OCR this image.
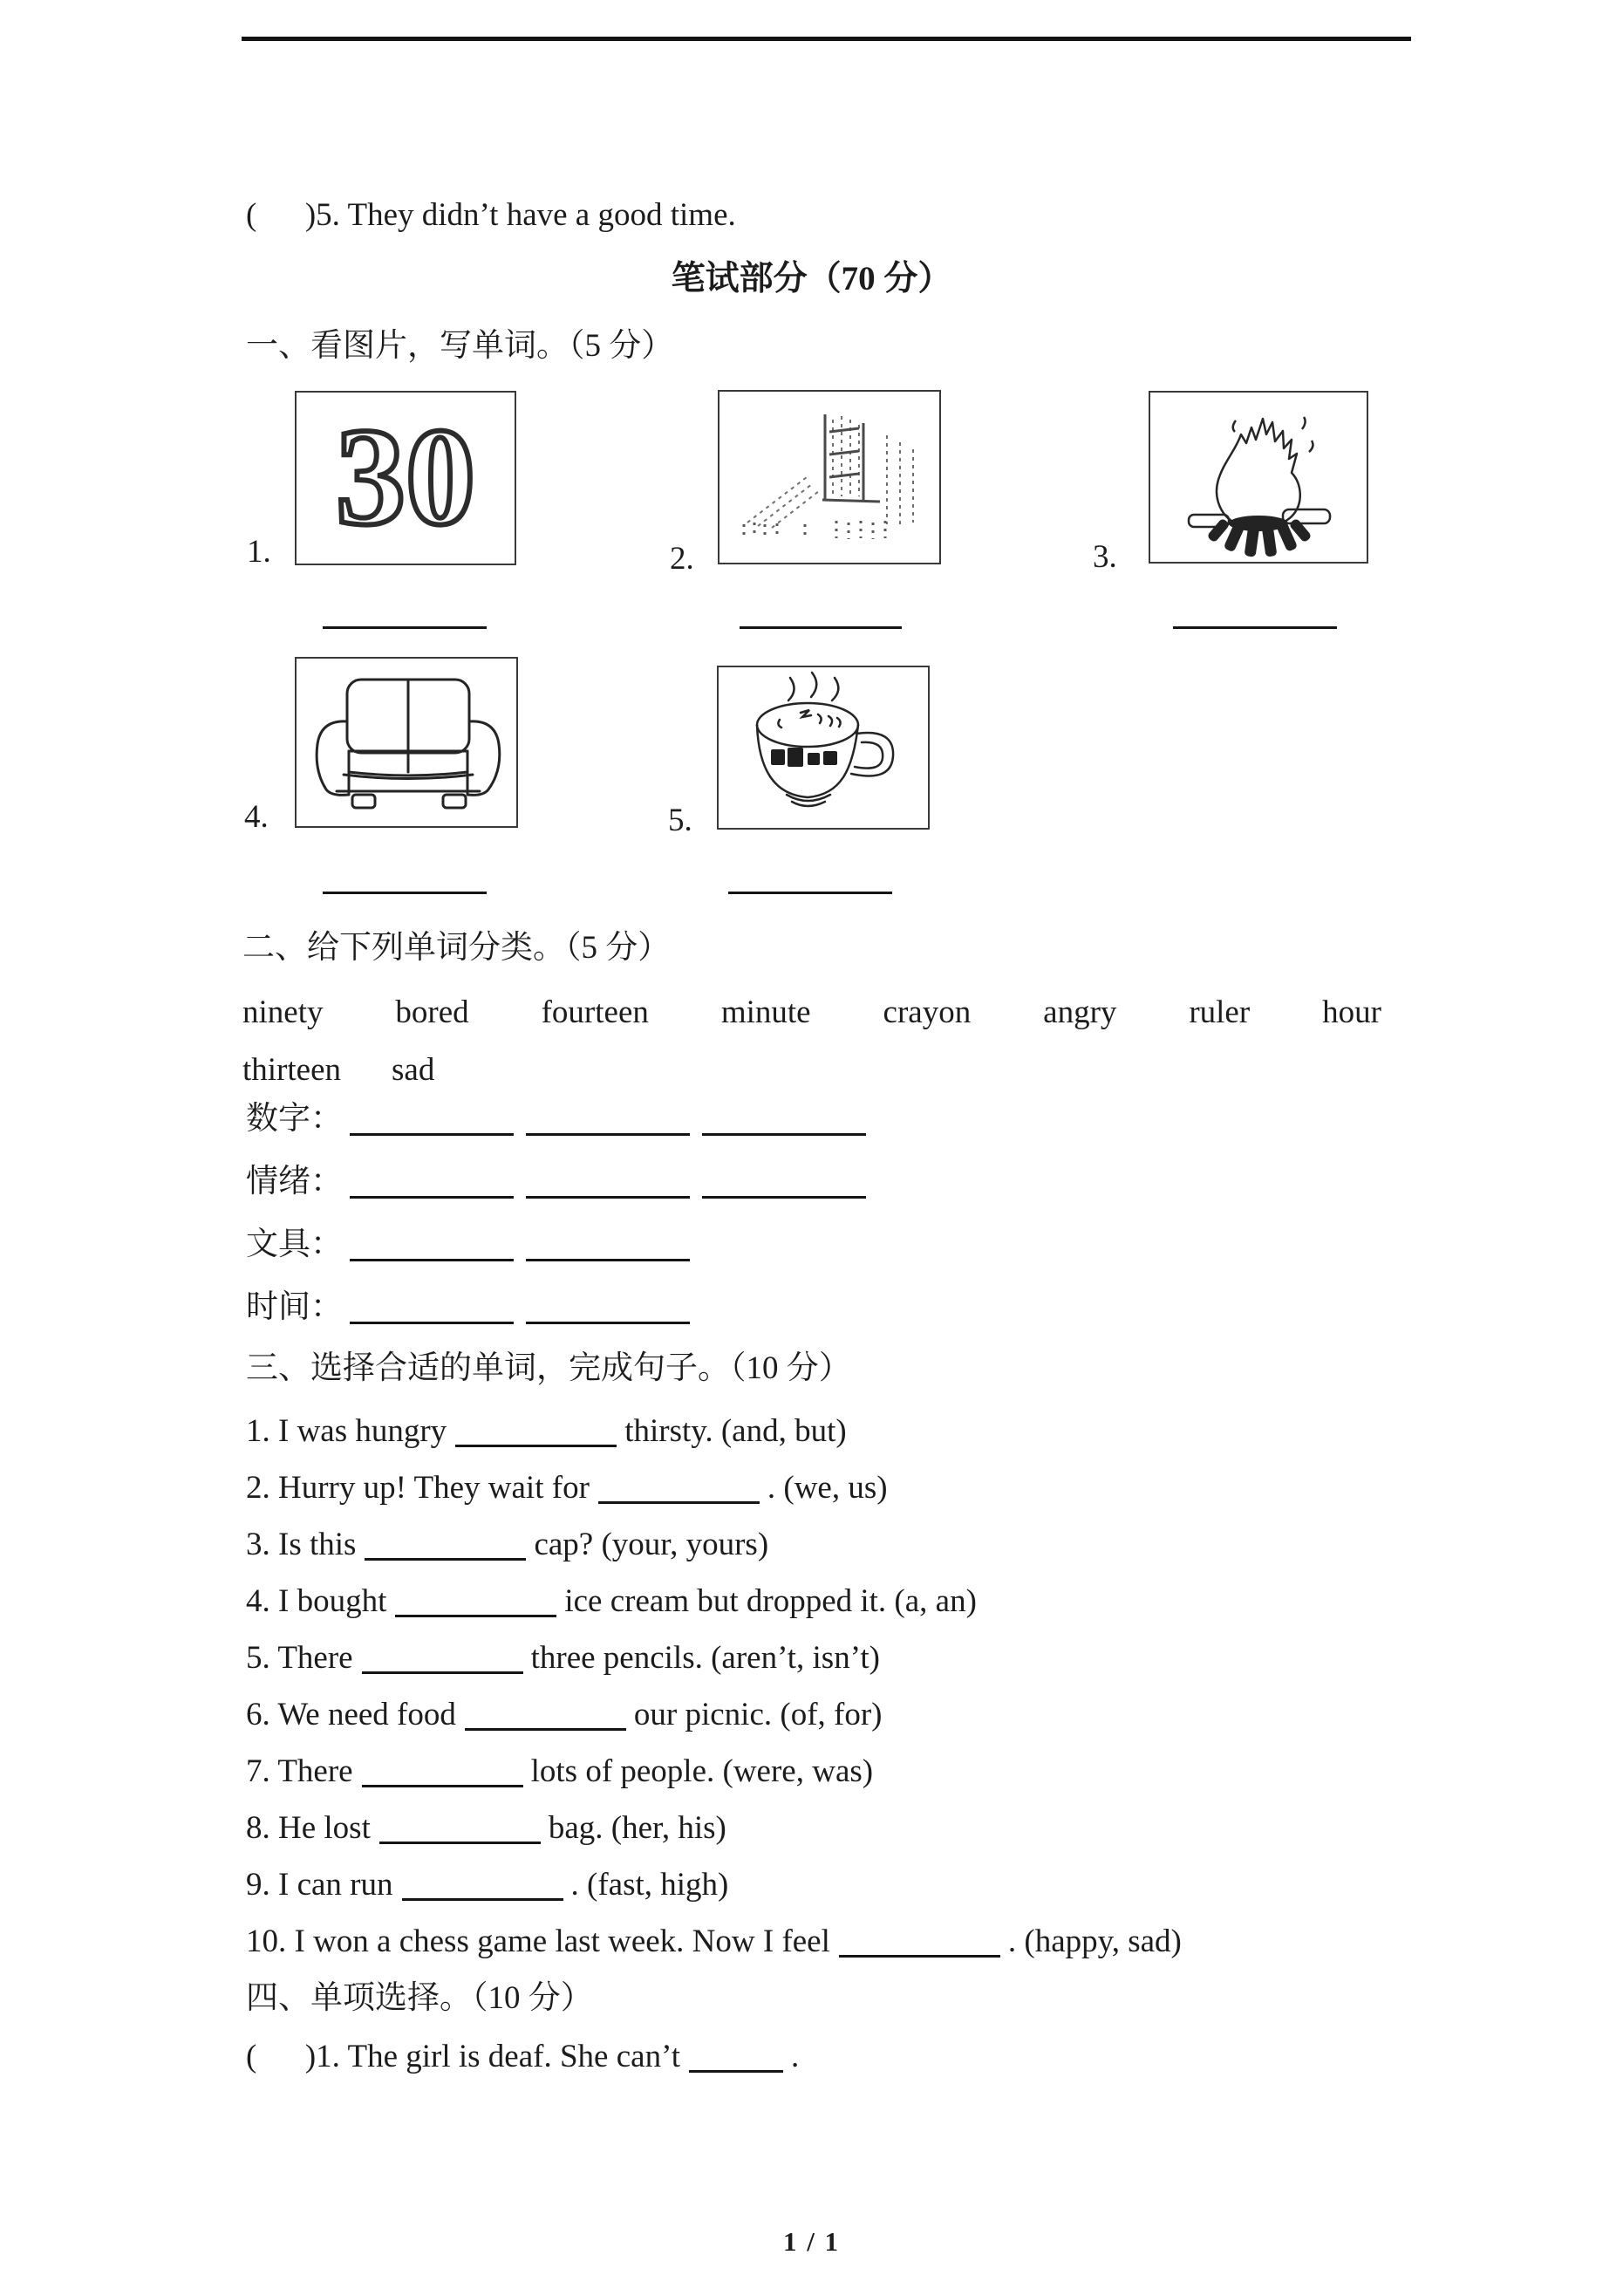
(      )5. They didn’t have a good time.
笔试部分（70 分）
一、看图片，写单词。（5 分）
30
1.	2.	3.
4.	5.
二、给下列单词分类。（5 分）
ninety bored fourteen minute crayon angry ruler hour
thirteen sad
数字：
情绪：
文具：
时间：
三、选择合适的单词，完成句子。（10 分）
1. I was hungry	thirsty. (and, but)
2. Hurry up! They wait for	. (we, us)
3. Is this	cap? (your, yours)
4. I bought	ice cream but dropped it. (a, an)
5. There	three pencils. (aren’t, isn’t)
6. We need food	our picnic. (of, for)
7. There	lots of people. (were, was)
8. He lost	bag. (her, his)
9. I can run	. (fast, high)
10. I won a chess game last week. Now I feel	. (happy, sad)
四、单项选择。（10 分）
(      )1. The girl is deaf. She can’t	.
1 / 1
